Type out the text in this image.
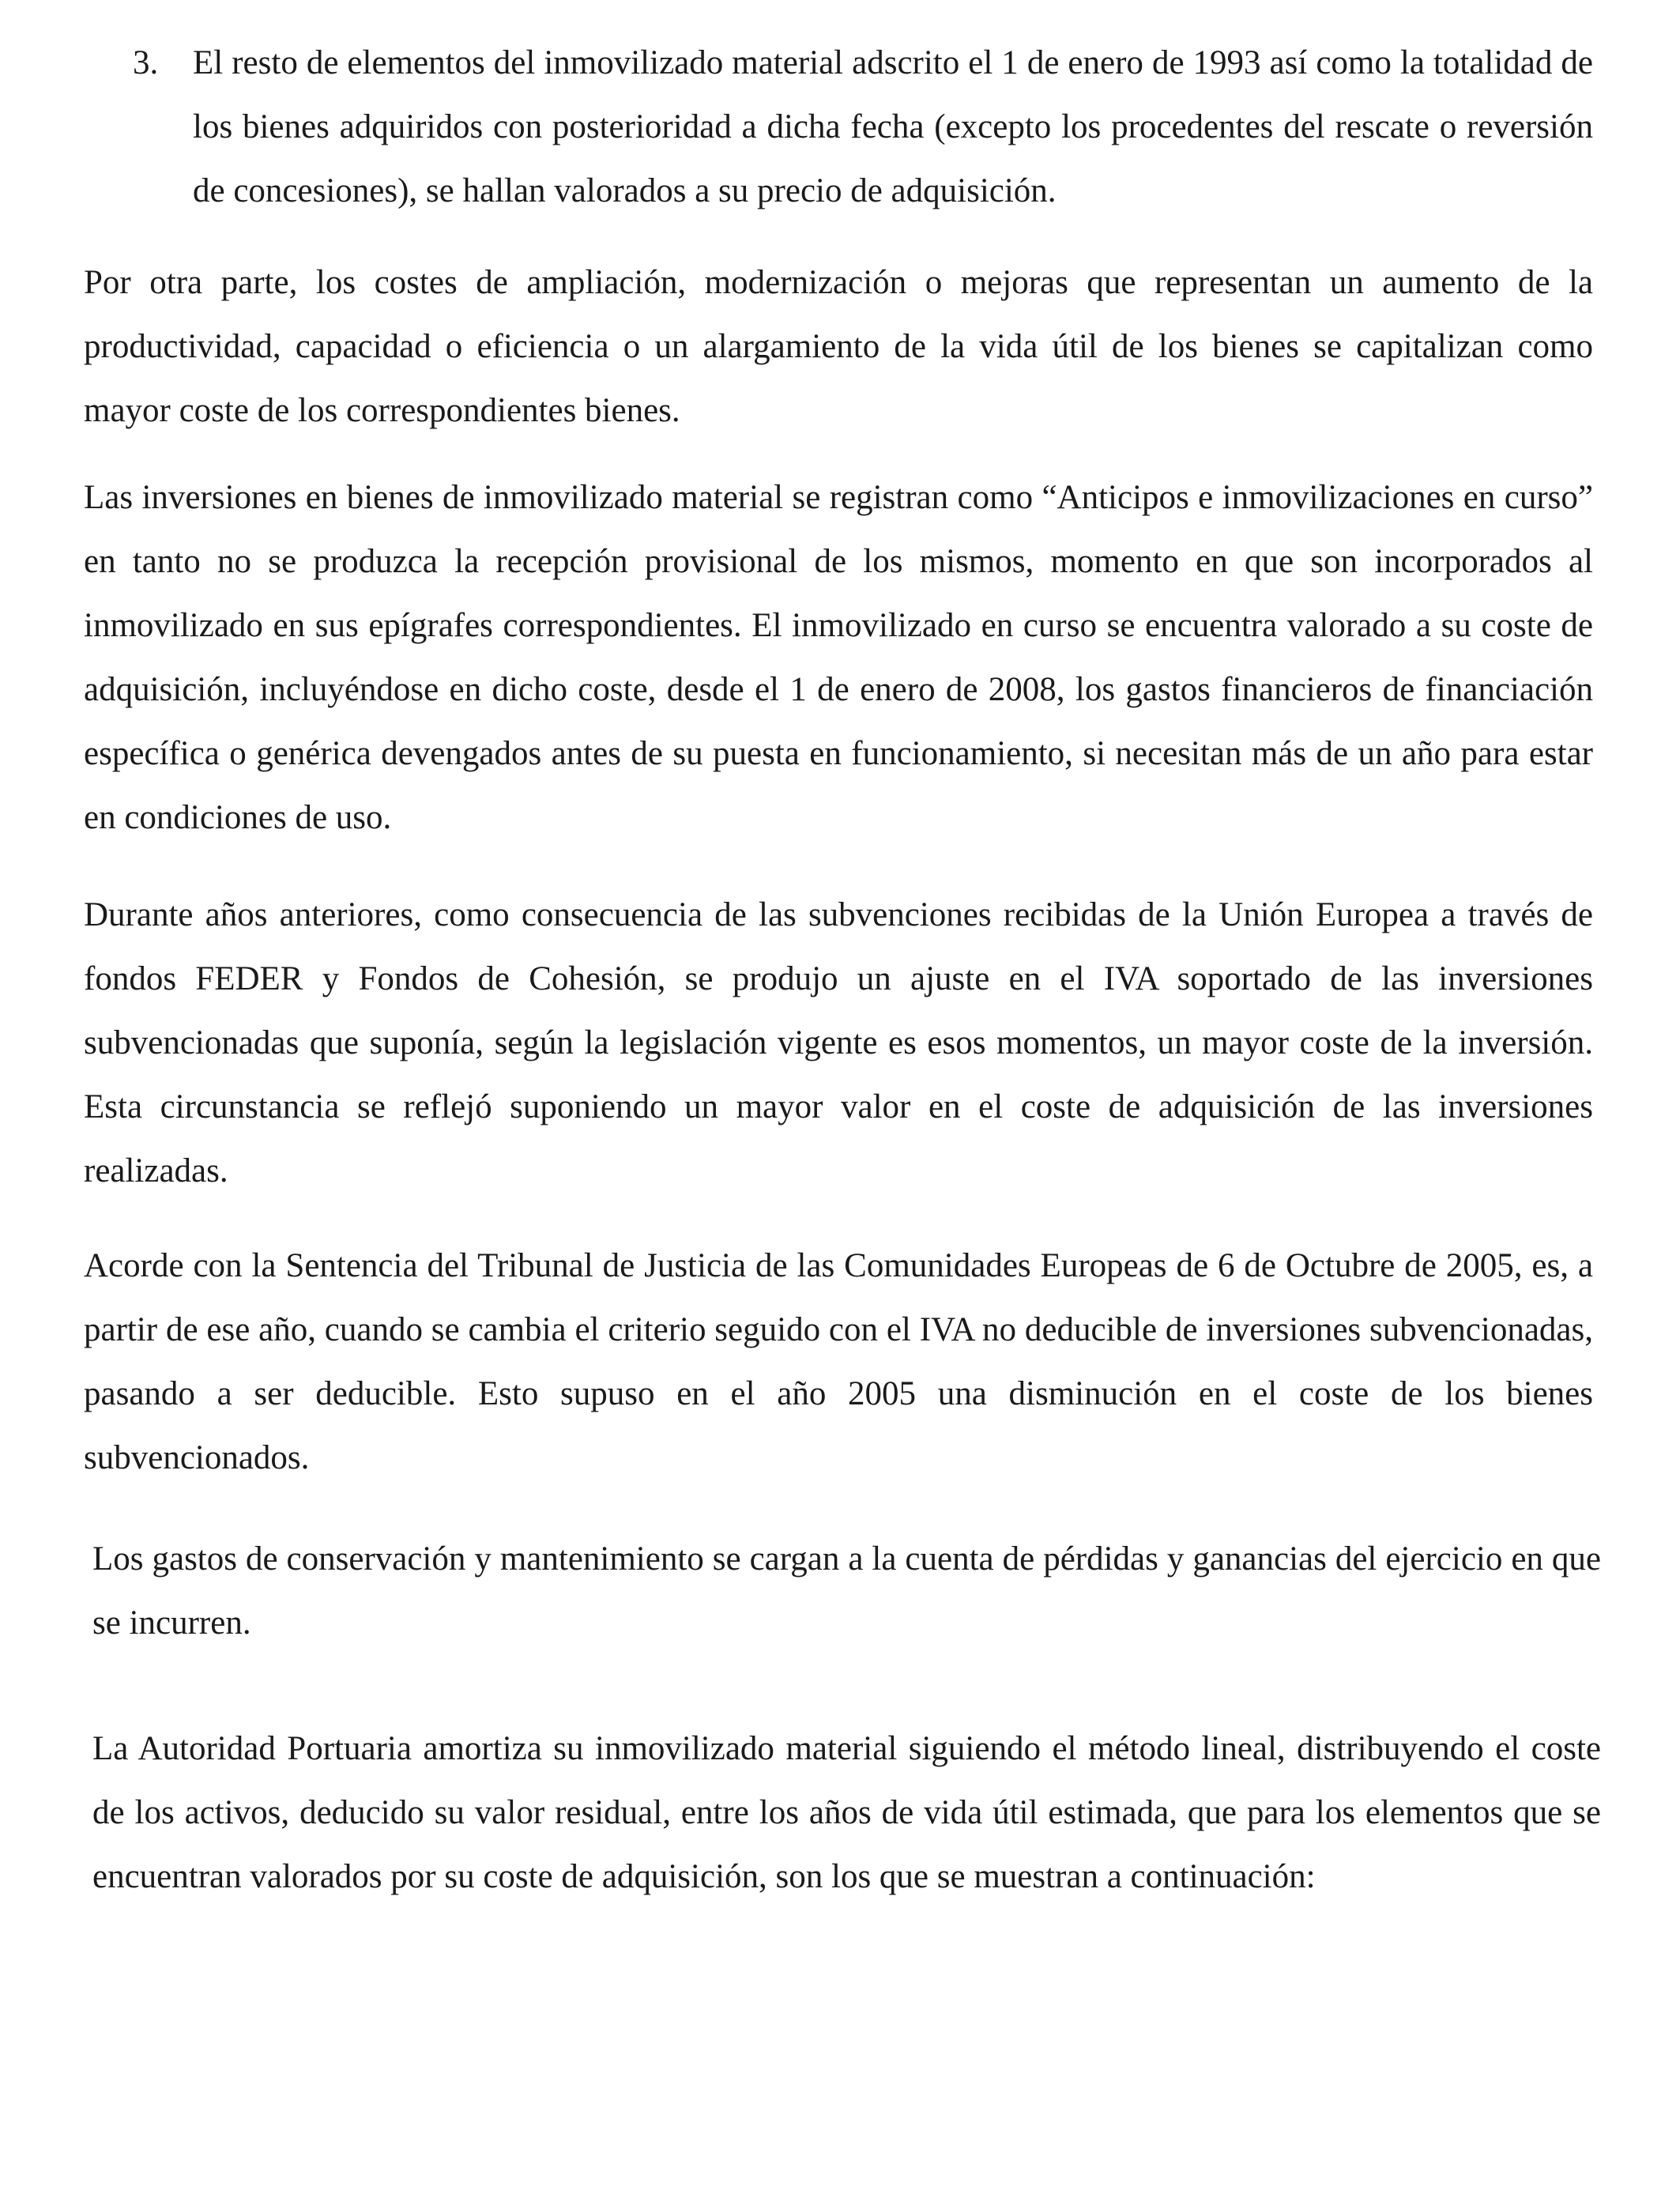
3. El resto de elementos del inmovilizado material adscrito el 1 de enero de 1993 así como la totalidad de los bienes adquiridos con posterioridad a dicha fecha (excepto los procedentes del rescate o reversión de concesiones), se hallan valorados a su precio de adquisición.

Por otra parte, los costes de ampliación, modernización o mejoras que representan un aumento de la productividad, capacidad o eficiencia o un alargamiento de la vida útil de los bienes se capitalizan como mayor coste de los correspondientes bienes.

Las inversiones en bienes de inmovilizado material se registran como “Anticipos e inmovilizaciones en curso” en tanto no se produzca la recepción provisional de los mismos, momento en que son incorporados al inmovilizado en sus epígrafes correspondientes. El inmovilizado en curso se encuentra valorado a su coste de adquisición, incluyéndose en dicho coste, desde el 1 de enero de 2008, los gastos financieros de financiación específica o genérica devengados antes de su puesta en funcionamiento, si necesitan más de un año para estar en condiciones de uso.

Durante años anteriores, como consecuencia de las subvenciones recibidas de la Unión Europea a través de fondos FEDER y Fondos de Cohesión, se produjo un ajuste en el IVA soportado de las inversiones subvencionadas que suponía, según la legislación vigente es esos momentos, un mayor coste de la inversión. Esta circunstancia se reflejó suponiendo un mayor valor en el coste de adquisición de las inversiones realizadas.

Acorde con la Sentencia del Tribunal de Justicia de las Comunidades Europeas de 6 de Octubre de 2005, es, a partir de ese año, cuando se cambia el criterio seguido con el IVA no deducible de inversiones subvencionadas, pasando a ser deducible. Esto supuso en el año 2005 una disminución en el coste de los bienes subvencionados.

Los gastos de conservación y mantenimiento se cargan a la cuenta de pérdidas y ganancias del ejercicio en que se incurren.

La Autoridad Portuaria amortiza su inmovilizado material siguiendo el método lineal, distribuyendo el coste de los activos, deducido su valor residual, entre los años de vida útil estimada, que para los elementos que se encuentran valorados por su coste de adquisición, son los que se muestran a continuación:
